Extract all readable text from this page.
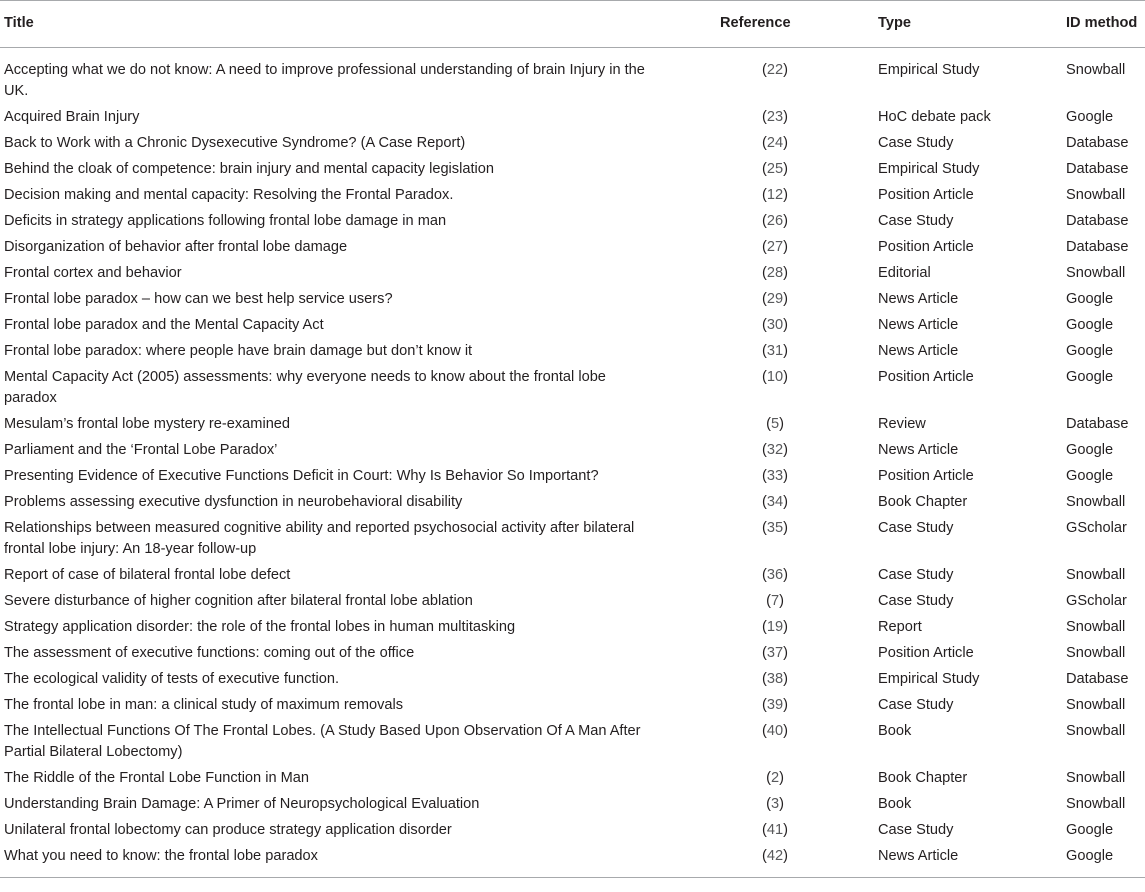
Title	Reference	Type	ID method
Accepting what we do not know: A need to improve professional understanding of brain Injury in the UK.	(22)	Empirical Study	Snowball
Acquired Brain Injury	(23)	HoC debate pack	Google
Back to Work with a Chronic Dysexecutive Syndrome? (A Case Report)	(24)	Case Study	Database
Behind the cloak of competence: brain injury and mental capacity legislation	(25)	Empirical Study	Database
Decision making and mental capacity: Resolving the Frontal Paradox.	(12)	Position Article	Snowball
Deficits in strategy applications following frontal lobe damage in man	(26)	Case Study	Database
Disorganization of behavior after frontal lobe damage	(27)	Position Article	Database
Frontal cortex and behavior	(28)	Editorial	Snowball
Frontal lobe paradox – how can we best help service users?	(29)	News Article	Google
Frontal lobe paradox and the Mental Capacity Act	(30)	News Article	Google
Frontal lobe paradox: where people have brain damage but don’t know it	(31)	News Article	Google
Mental Capacity Act (2005) assessments: why everyone needs to know about the frontal lobe paradox	(10)	Position Article	Google
Mesulam’s frontal lobe mystery re-examined	(5)	Review	Database
Parliament and the ‘Frontal Lobe Paradox’	(32)	News Article	Google
Presenting Evidence of Executive Functions Deficit in Court: Why Is Behavior So Important?	(33)	Position Article	Google
Problems assessing executive dysfunction in neurobehavioral disability	(34)	Book Chapter	Snowball
Relationships between measured cognitive ability and reported psychosocial activity after bilateral frontal lobe injury: An 18-year follow-up	(35)	Case Study	GScholar
Report of case of bilateral frontal lobe defect	(36)	Case Study	Snowball
Severe disturbance of higher cognition after bilateral frontal lobe ablation	(7)	Case Study	GScholar
Strategy application disorder: the role of the frontal lobes in human multitasking	(19)	Report	Snowball
The assessment of executive functions: coming out of the office	(37)	Position Article	Snowball
The ecological validity of tests of executive function.	(38)	Empirical Study	Database
The frontal lobe in man: a clinical study of maximum removals	(39)	Case Study	Snowball
The Intellectual Functions Of The Frontal Lobes. (A Study Based Upon Observation Of A Man After Partial Bilateral Lobectomy)	(40)	Book	Snowball
The Riddle of the Frontal Lobe Function in Man	(2)	Book Chapter	Snowball
Understanding Brain Damage: A Primer of Neuropsychological Evaluation	(3)	Book	Snowball
Unilateral frontal lobectomy can produce strategy application disorder	(41)	Case Study	Google
What you need to know: the frontal lobe paradox	(42)	News Article	Google
